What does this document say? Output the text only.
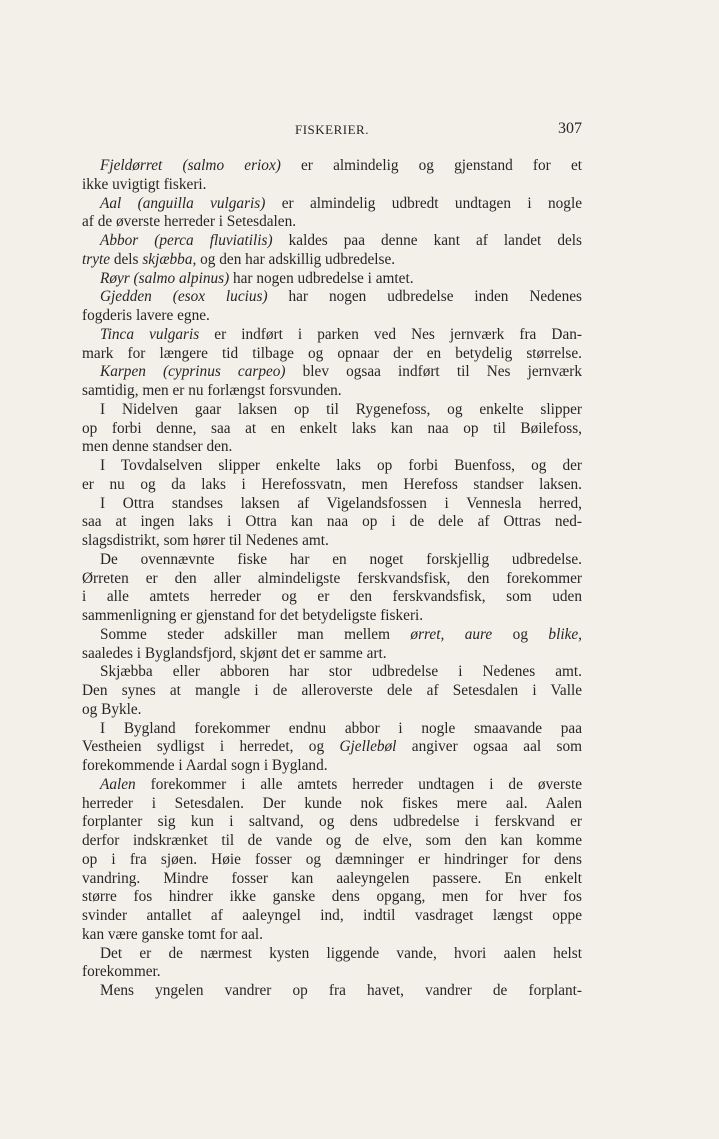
FISKERIER.	307
Fjeldørret (salmo eriox) er almindelig og gjenstand for et
ikke uvigtigt fiskeri.
Aal (anguilla vulgaris) er almindelig udbredt undtagen i nogle
af de øverste herreder i Setesdalen.
Abbor (perca fluviatilis) kaldes paa denne kant af landet dels
tryte dels skjæbba, og den har adskillig udbredelse.
Røyr (salmo alpinus) har nogen udbredelse i amtet.
Gjedden (esox lucius) har nogen udbredelse inden Nedenes
fogderis lavere egne.
Tinca vulgaris er indført i parken ved Nes jernværk fra Dan-
mark for længere tid tilbage og opnaar der en betydelig størrelse.
Karpen (cyprinus carpeo) blev ogsaa indført til Nes jernværk
samtidig, men er nu forlængst forsvunden.
I Nidelven gaar laksen op til Rygenefoss, og enkelte slipper
op forbi denne, saa at en enkelt laks kan naa op til Bøilefoss,
men denne standser den.
I Tovdalselven slipper enkelte laks op forbi Buenfoss, og der
er nu og da laks i Herefossvatn, men Herefoss standser laksen.
I Ottra standses laksen af Vigelandsfossen i Vennesla herred,
saa at ingen laks i Ottra kan naa op i de dele af Ottras ned-
slagsdistrikt, som hører til Nedenes amt.
De ovennævnte fiske har en noget forskjellig udbredelse.
Ørreten er den aller almindeligste ferskvandsfisk, den forekommer
i alle amtets herreder og er den ferskvandsfisk, som uden
sammenligning er gjenstand for det betydeligste fiskeri.
Somme steder adskiller man mellem ørret, aure og blike,
saaledes i Byglandsfjord, skjønt det er samme art.
Skjæbba eller abboren har stor udbredelse i Nedenes amt.
Den synes at mangle i de alleroverste dele af Setesdalen i Valle
og Bykle.
I Bygland forekommer endnu abbor i nogle smaavande paa
Vestheien sydligst i herredet, og Gjellebøl angiver ogsaa aal som
forekommende i Aardal sogn i Bygland.
Aalen forekommer i alle amtets herreder undtagen i de øverste
herreder i Setesdalen. Der kunde nok fiskes mere aal. Aalen
forplanter sig kun i saltvand, og dens udbredelse i ferskvand er
derfor indskrænket til de vande og de elve, som den kan komme
op i fra sjøen. Høie fosser og dæmninger er hindringer for dens
vandring. Mindre fosser kan aaleyngelen passere. En enkelt
større fos hindrer ikke ganske dens opgang, men for hver fos
svinder antallet af aaleyngel ind, indtil vasdraget længst oppe
kan være ganske tomt for aal.
Det er de nærmest kysten liggende vande, hvori aalen helst
forekommer.
Mens yngelen vandrer op fra havet, vandrer de forplant-
